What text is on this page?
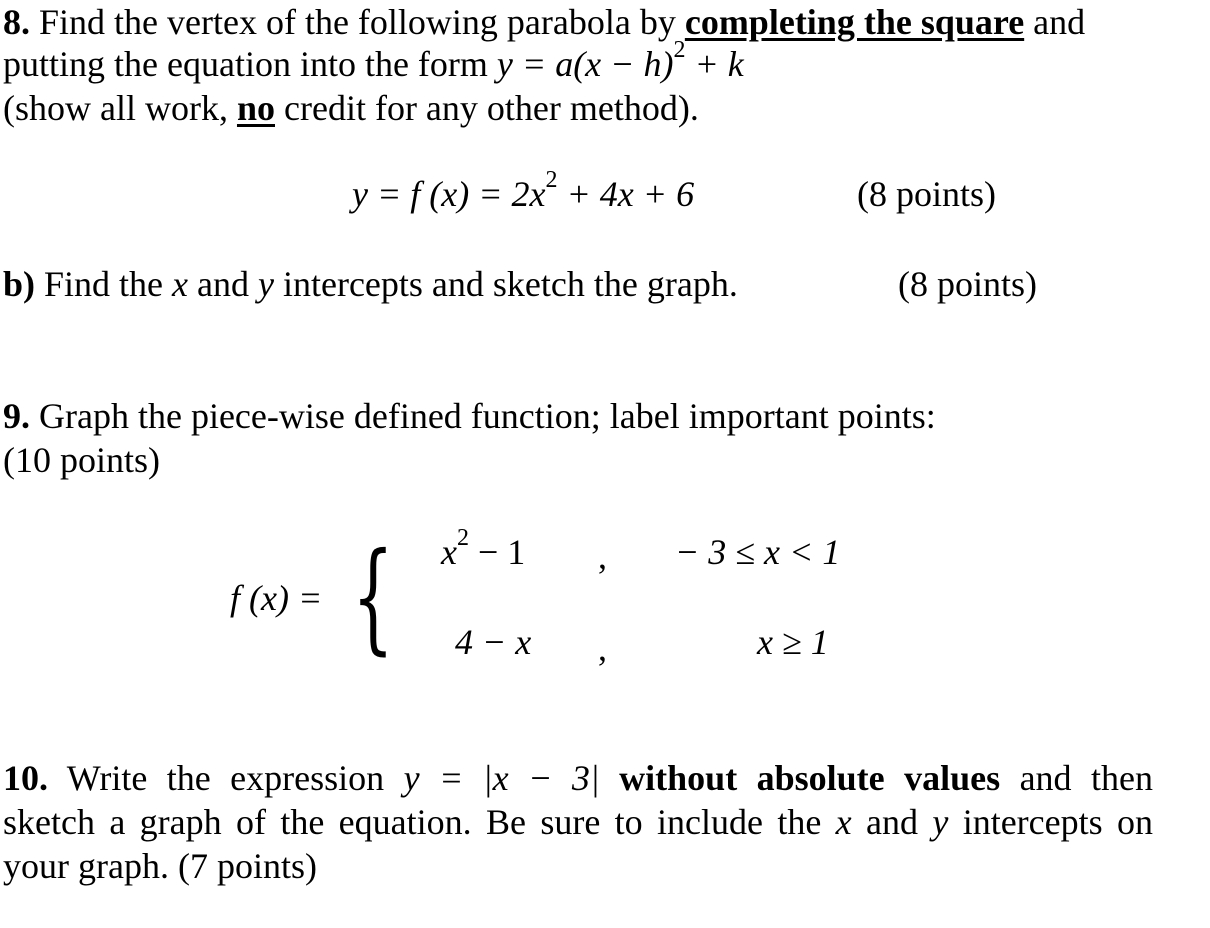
8. Find the vertex of the following parabola by completing the square and
putting the equation into the form $y = a(x - h)^2 + k$
(show all work, no credit for any other method).
y = f $(x) = 2x^2 + 4x + 6$	(8 points)
b) Find the x and y intercepts and sketch the graph.	(8 points)
9. Graph the piece-wise defined function; label important points:
(10 points)
f (x) = { $x^2 - 1$ , − 3 ≤ x < 1
4 − x ,	x ≥ 1
10. Write the expression y = |x − 3| without absolute values and then
sketch a graph of the equation. Be sure to include the x and y intercepts on
your graph. (7 points)
